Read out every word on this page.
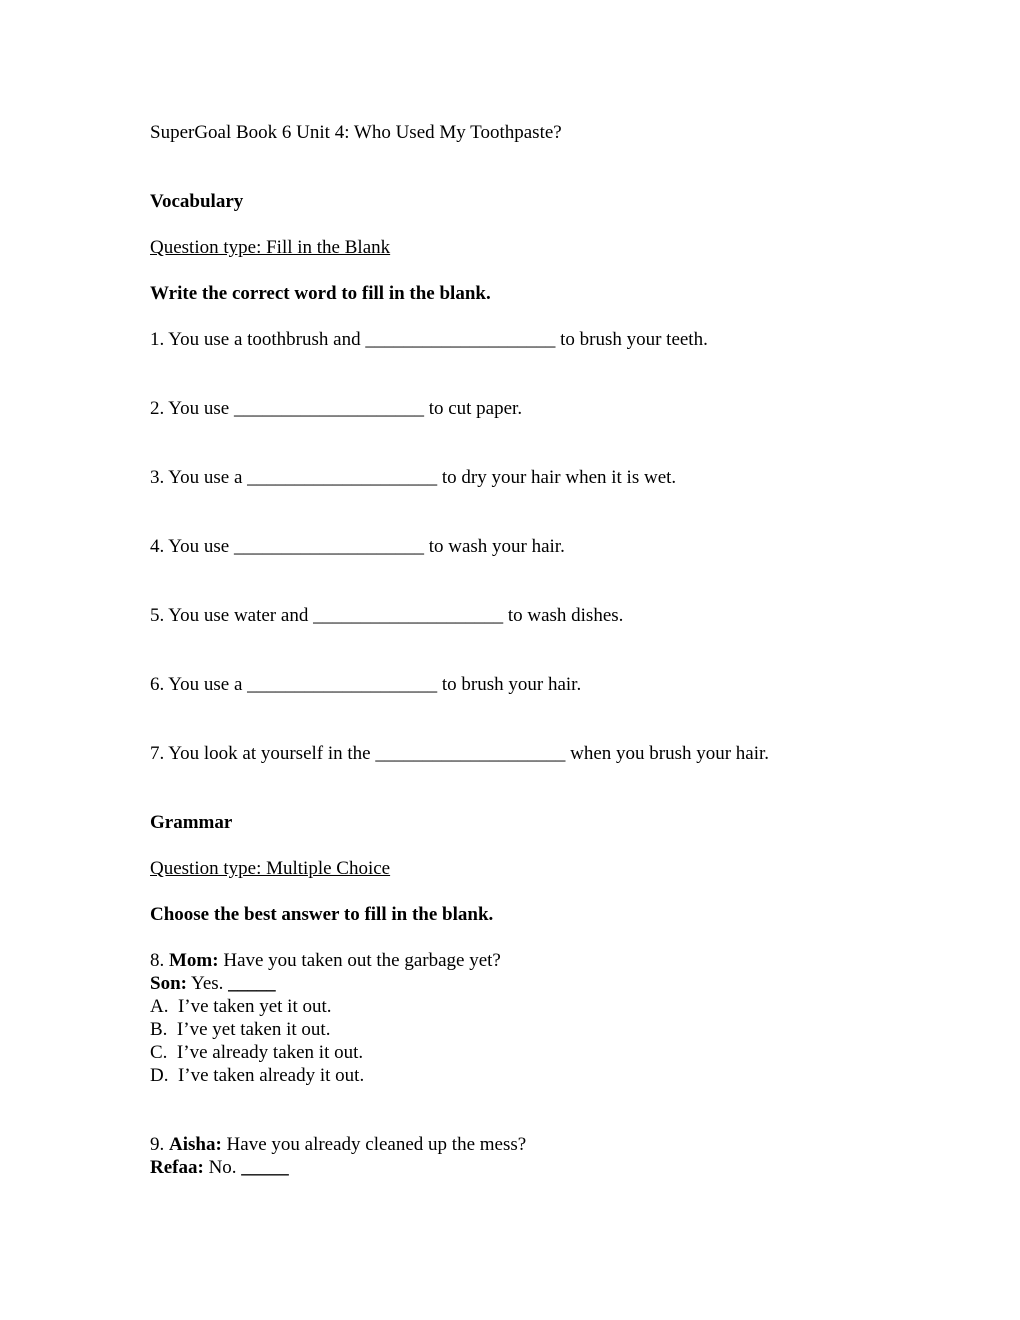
SuperGoal Book 6 Unit 4: Who Used My Toothpaste?
Vocabulary
Question type: Fill in the Blank
Write the correct word to fill in the blank.
1. You use a toothbrush and ____________________ to brush your teeth.
2. You use ____________________ to cut paper.
3. You use a ____________________ to dry your hair when it is wet.
4. You use ____________________ to wash your hair.
5. You use water and ____________________ to wash dishes.
6. You use a ____________________ to brush your hair.
7. You look at yourself in the ____________________ when you brush your hair.
Grammar
Question type: Multiple Choice
Choose the best answer to fill in the blank.
8. Mom: Have you taken out the garbage yet?
Son: Yes. _____
A.  I’ve taken yet it out.
B.  I’ve yet taken it out.
C.  I’ve already taken it out.
D.  I’ve taken already it out.
9. Aisha: Have you already cleaned up the mess?
Refaa: No. _____
